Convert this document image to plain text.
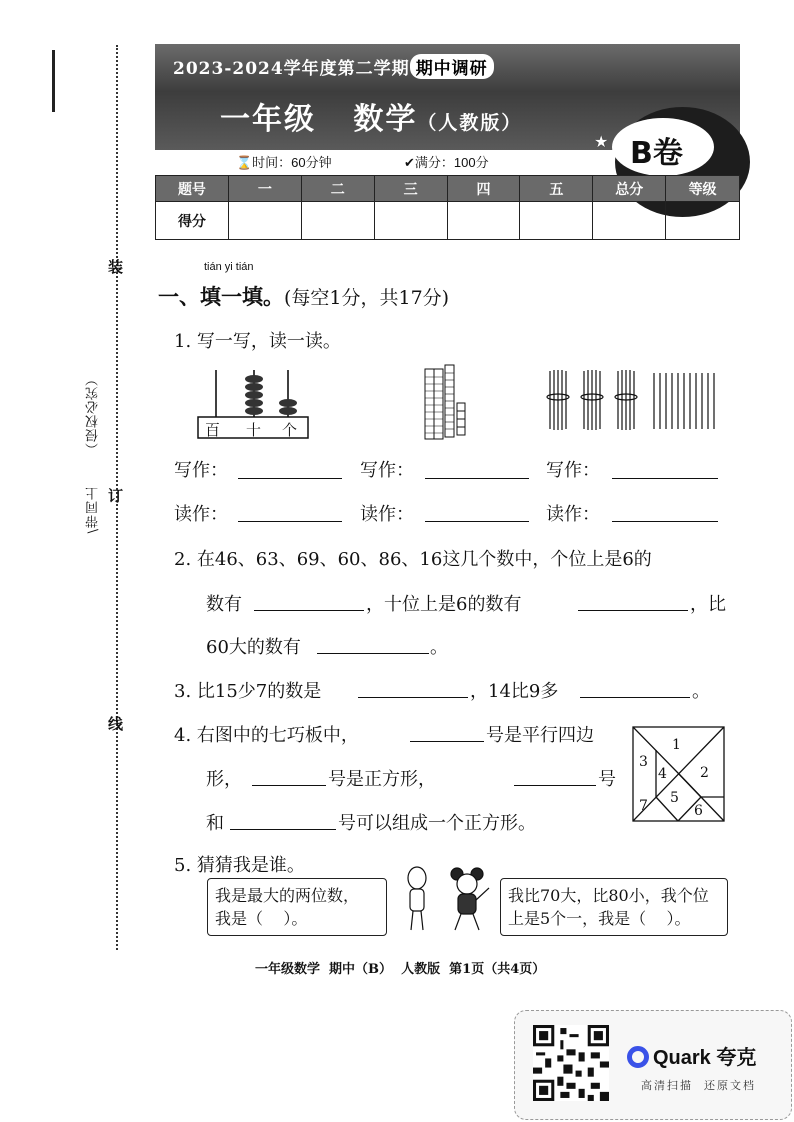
装
订
线
（侵权必究）
\带同上
2023-2024学年度第二学期 期中调研
一年级   数学（人教版）
★ B卷
⌛时间：60分钟	✔满分：100分
题号	一	二	三	四	五	总分	等级
得分							
tián yi tián
一、填一填。(每空1分，共17分)
1. 写一写，读一读。
百 十 个
写作：	写作：	写作：
读作：	读作：	读作：
2. 在46、63、69、60、86、16这几个数中，个位上是6的
数有	，十位上是6的数有	，比
60大的数有	。
3. 比15少7的数是	，14比9多	。
4. 右图中的七巧板中，	号是平行四边
形，	号是正方形，	号
和	号可以组成一个正方形。
1
2
3
4
5
6
7
5. 猜猜我是谁。
我是最大的两位数，
我是（    ）。
我比70大，比80小，我个位
上是5个一，我是（    ）。
一年级数学  期中（B）  人教版  第1页（共4页）
Quark 夸克
高清扫描  还原文档
